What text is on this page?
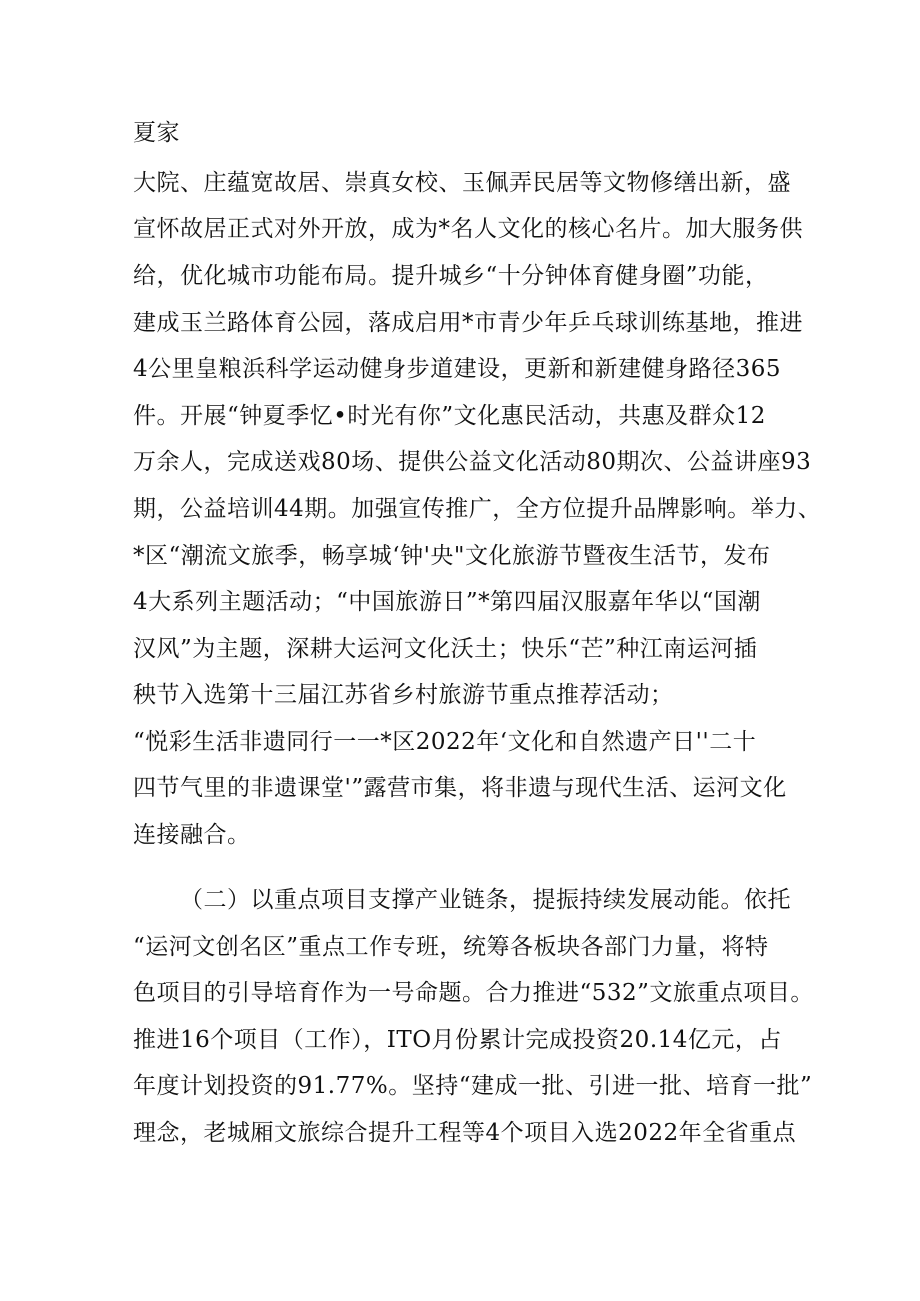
夏家
大院、庄蕴宽故居、崇真女校、玉佩弄民居等文物修缮出新，盛
宣怀故居正式对外开放，成为*名人文化的核心名片。加大服务供
给，优化城市功能布局。提升城乡“十分钟体育健身圈”功能，
建成玉兰路体育公园，落成启用*市青少年乒乓球训练基地，推进
4公里皇粮浜科学运动健身步道建设，更新和新建健身路径365
件。开展“钟夏季忆•时光有你”文化惠民活动，共惠及群众12
万余人，完成送戏80场、提供公益文化活动80期次、公益讲座93
期，公益培训44期。加强宣传推广，全方位提升品牌影响。举力、
*区“潮流文旅季，畅享城‘钟'央"文化旅游节暨夜生活节，发布
4大系列主题活动；“中国旅游日”*第四届汉服嘉年华以“国潮
汉风”为主题，深耕大运河文化沃土；快乐“芒”种江南运河插
秧节入选第十三届江苏省乡村旅游节重点推荐活动；
“悦彩生活非遗同行一一*区2022年‘文化和自然遗产日''二十
四节气里的非遗课堂'”露营市集，将非遗与现代生活、运河文化
连接融合。
（二）以重点项目支撑产业链条，提振持续发展动能。依托
“运河文创名区”重点工作专班，统筹各板块各部门力量，将特
色项目的引导培育作为一号命题。合力推进“532”文旅重点项目。
推进16个项目（工作），ITO月份累计完成投资20.14亿元，占
年度计划投资的91.77%。坚持“建成一批、引进一批、培育一批”
理念，老城厢文旅综合提升工程等4个项目入选2022年全省重点
